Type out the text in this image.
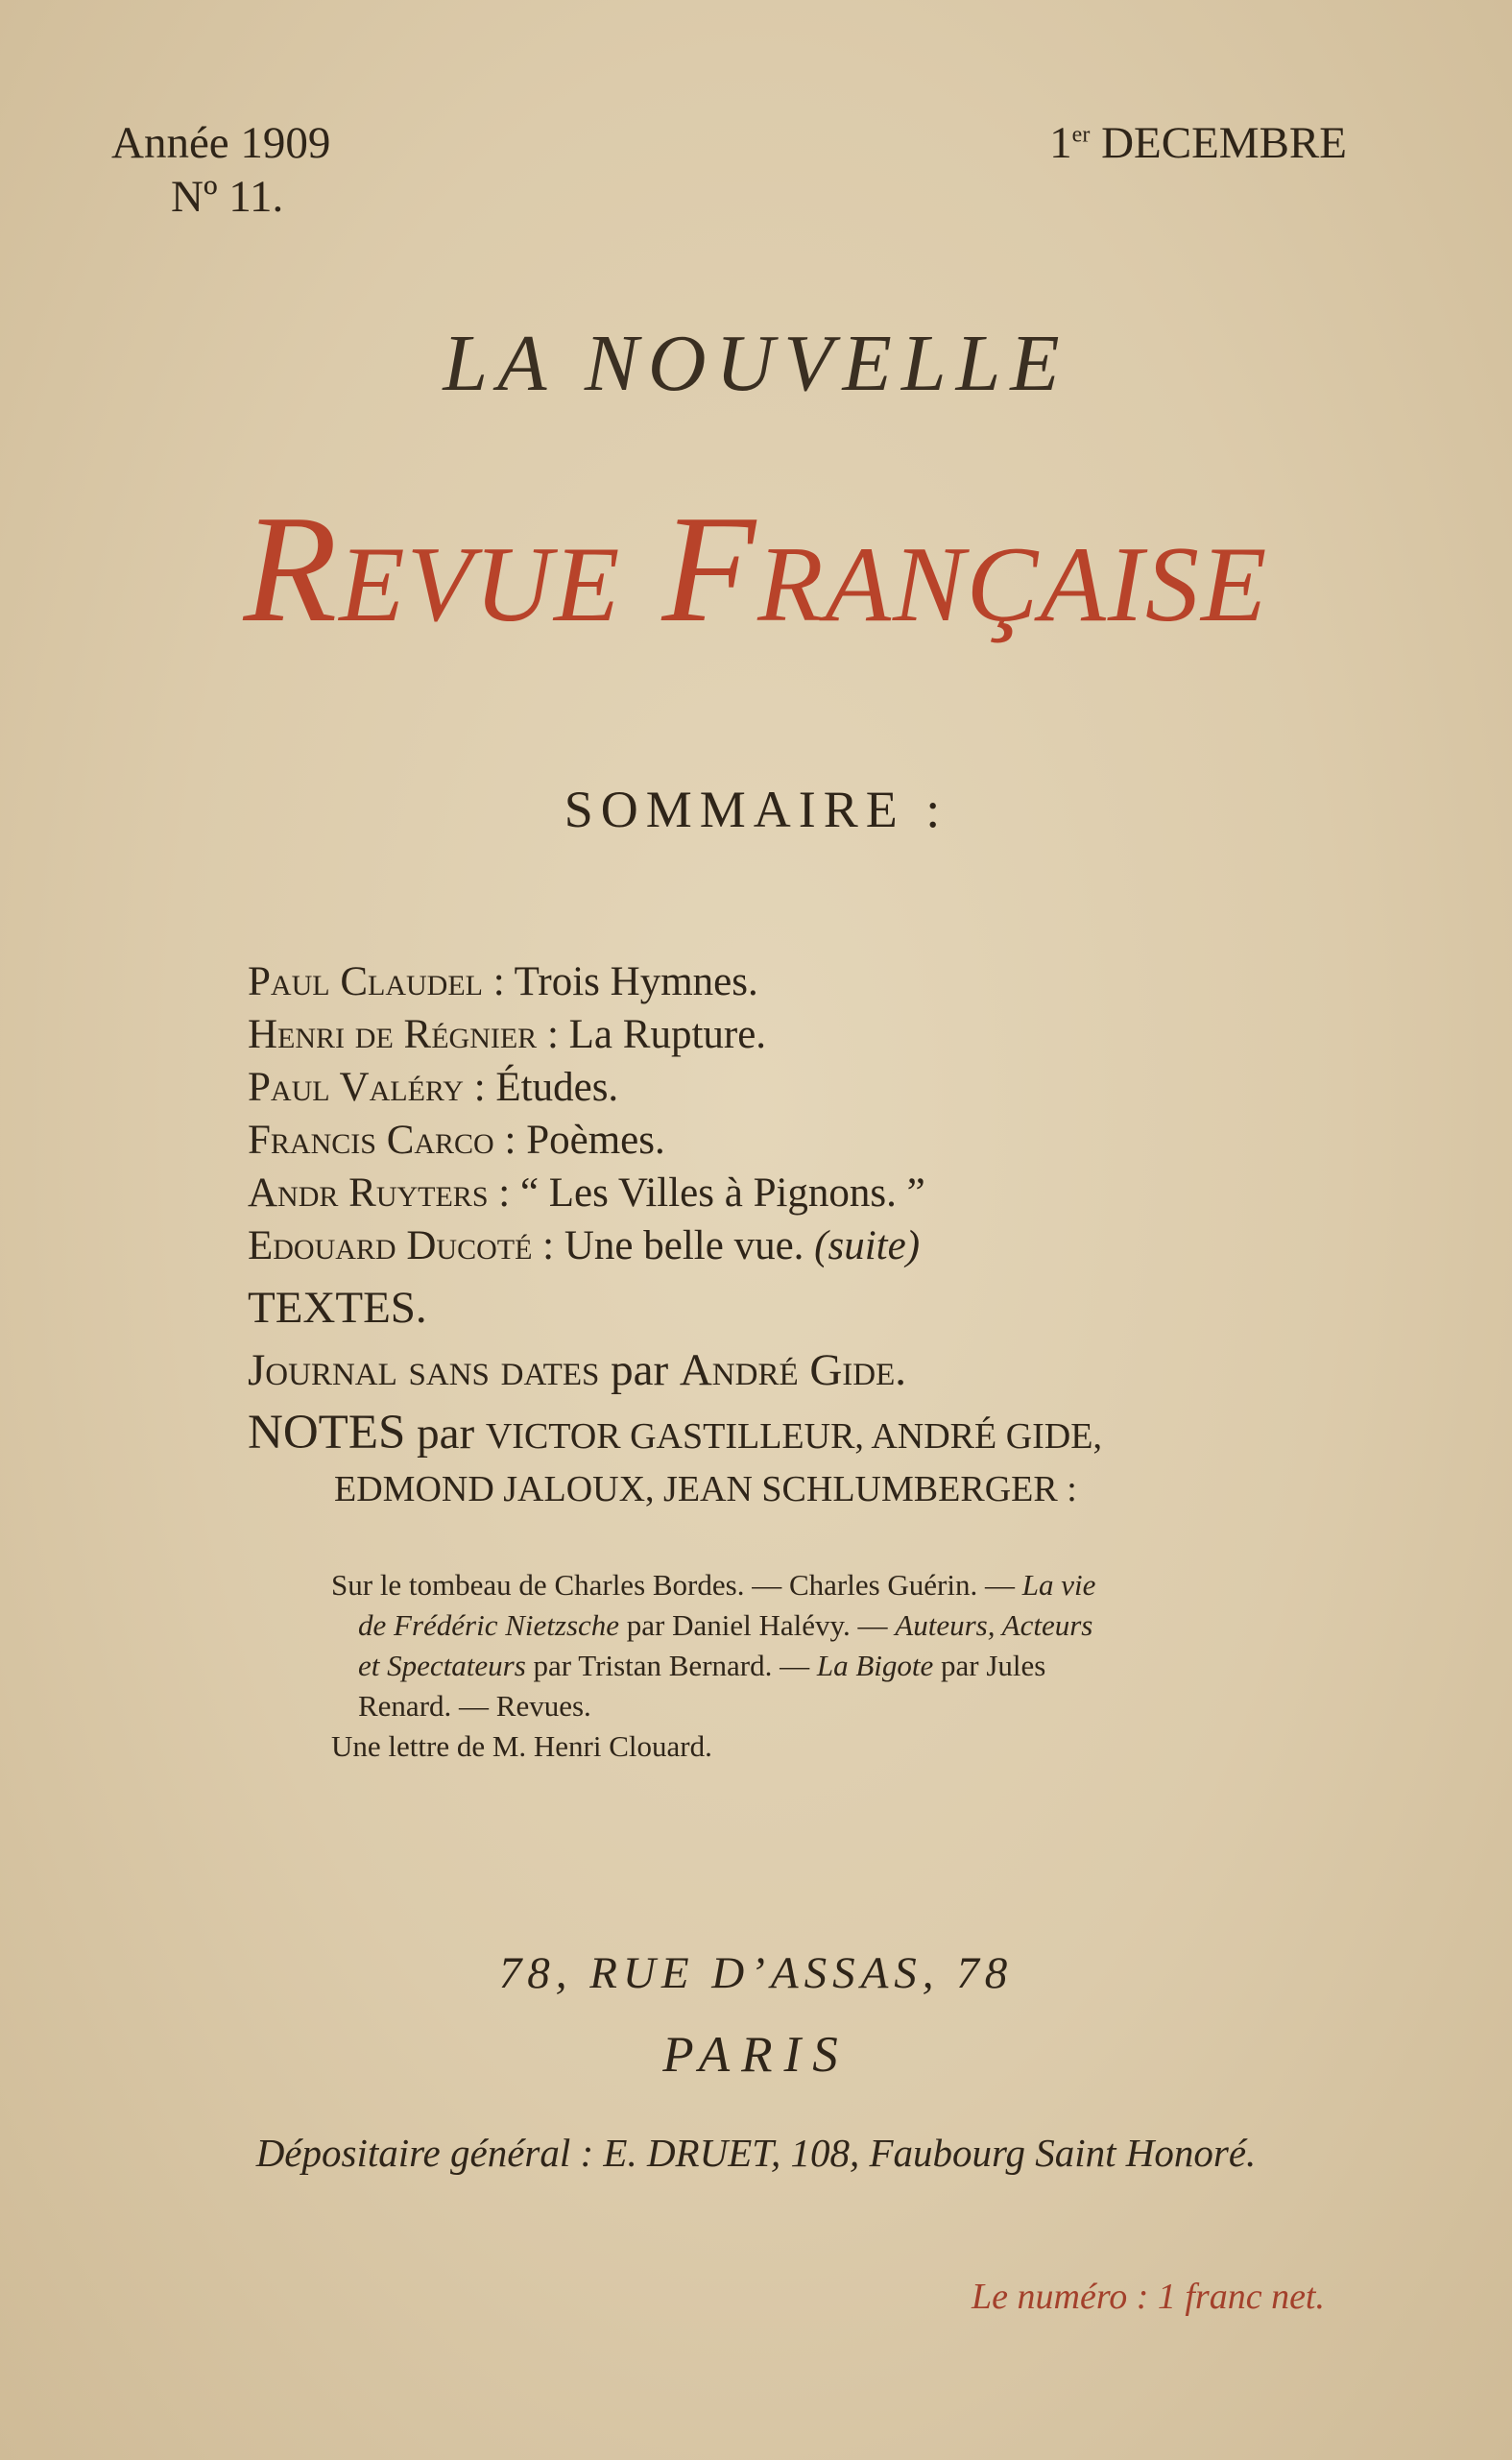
Année 1909
Nº 11.
1er DECEMBRE
LA NOUVELLE
Revue Française
SOMMAIRE :
Paul Claudel : Trois Hymnes.
Henri de Régnier : La Rupture.
Paul Valéry : Études.
Francis Carco : Poèmes.
Andr Ruyters : “ Les Villes à Pignons. ”
Edouard Ducoté : Une belle vue. (suite)
TEXTES.
Journal sans dates par André Gide.
NOTES par VICTOR GASTILLEUR, ANDRÉ GIDE,
EDMOND JALOUX, JEAN SCHLUMBERGER :
Sur le tombeau de Charles Bordes. — Charles Guérin. — La vie
de Frédéric Nietzsche par Daniel Halévy. — Auteurs, Acteurs
et Spectateurs par Tristan Bernard. — La Bigote par Jules
Renard. — Revues.
Une lettre de M. Henri Clouard.
78, RUE D’ASSAS, 78
PARIS
Dépositaire général : E. DRUET, 108, Faubourg Saint Honoré.
Le numéro : 1 franc net.
